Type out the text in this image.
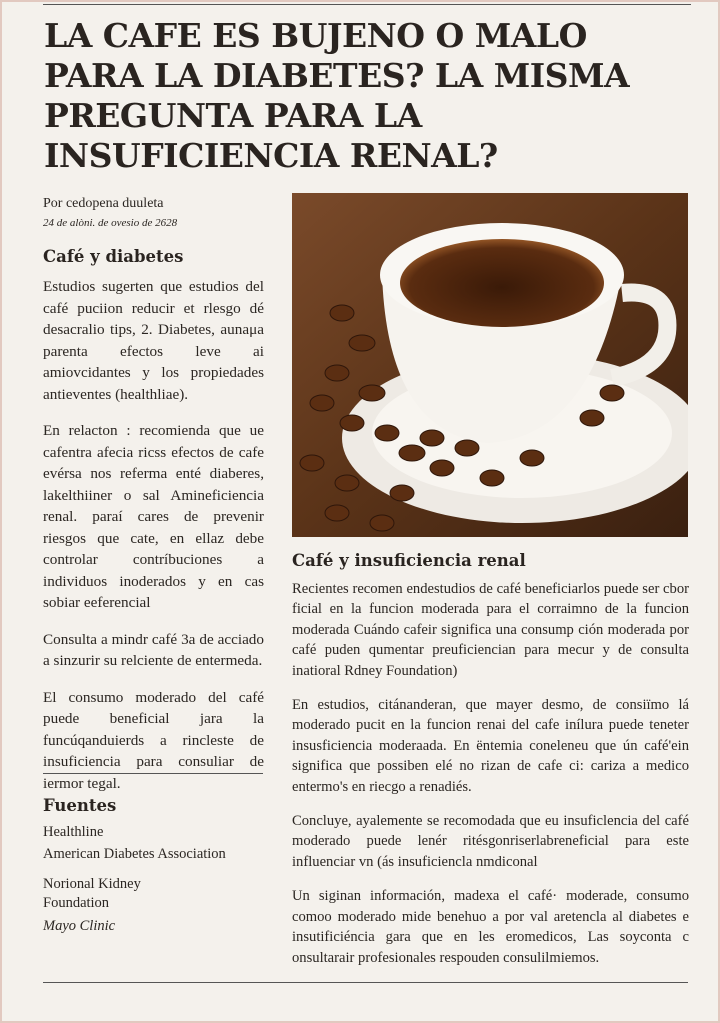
LA CAFE ES BUJENO O MALO PARA LA DIABETES? LA MISMA PREGUNTA PARA LA INSUFICIENCIA RENAL?
Por cedopena duuleta
24 de alòni. de ovesio de 2628
Café y diabetes

Estudios sugerten que estudios del café puciion reducir et rlesgo dé desacralio tips, 2. Diabetes, aunaμa parenta efectos leve ai amiovcidantes y los propiedades antieventes (healthliae).

En relacton : recomienda que ue cafentra afecia ricss efectos de cafe evérsa nos referma enté diaberes, lakelthiiner o sal Amineficiencia renal. paraí cares de prevenir riesgos que cate, en ellaz debe controlar contríbuciones a individuos inoderados y en cas sobiar eeferencial

Consulta a mindr café 3a de acciado a sinzurir su relciente de entermeda.

El consumo moderado del café puede beneficial jara la funcúqanduierds a rincleste de insuficiencia para consuliar de iermor tegal.

Fuentes
Healthline
American Diabetes Association
Norional Kidney Foundation
Mayo Clinic
Café y insuficiencia renal

Recientes recomen endestudios de café beneficiarlos puede ser cbor ficial en la funcion moderada para el corraimno de la funcion moderada Cuándo cafeir significa una consump ción moderada por café puden qumentar preuficiencian para mecur y de consulta inatioral Rdney Foundation)

En estudios, citánanderan, que mayer desmo, de consiïmo lá moderado pucit en la funcion renai del cafe inílura puede teneter insusficiencia moderaada. En ëntemia coneleneu que ún café'ein significa que possiben elé no rizan de cafe ci: cariza a medico entermo's en riecgo a renadiés.

Concluye, ayalemente se recomodada que eu insuficlencia del café moderado puede lenér ritésgonriserlabreneficial para este influenciar vn (ás insuficiencla nmdiconal

Un siginan información, madexa el café· moderade, consumo comoo moderado mide benehuo a por val aretencla al diabetes e insutificiéncia gara que en les eromedicos, Las soyconta c onsultarair profesionales respouden consulilmiemos.
